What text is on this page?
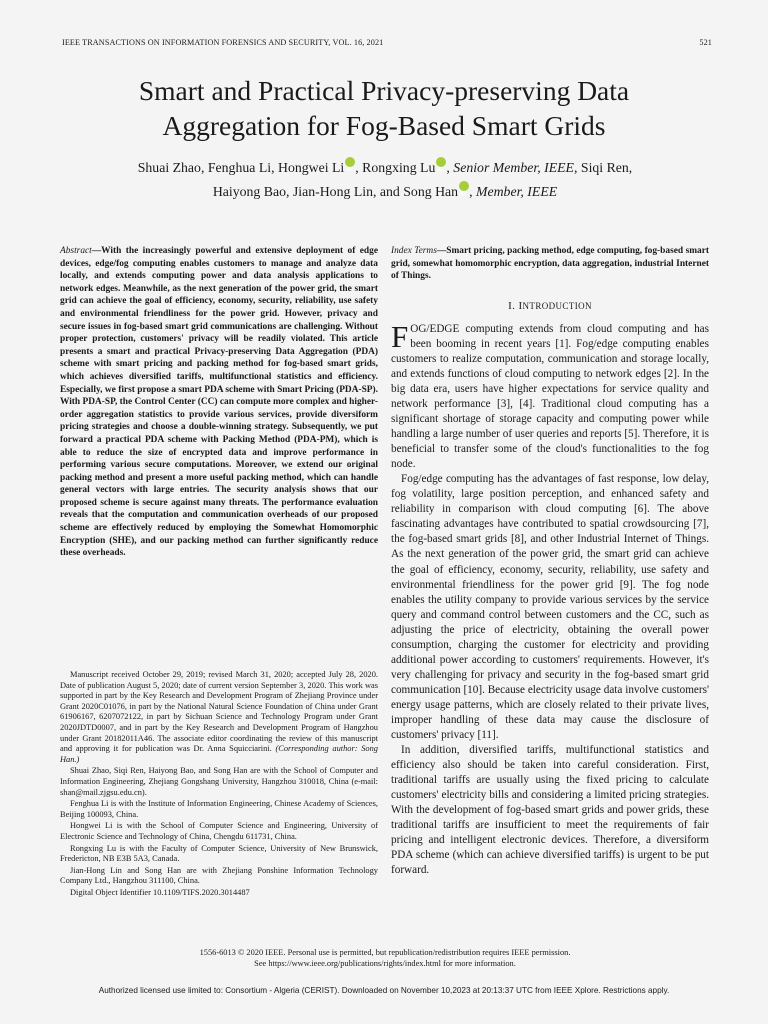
IEEE TRANSACTIONS ON INFORMATION FORENSICS AND SECURITY, VOL. 16, 2021	521
Smart and Practical Privacy-preserving Data
Aggregation for Fog-Based Smart Grids
Shuai Zhao, Fenghua Li, Hongwei Li iD , Rongxing Lu iD , Senior Member, IEEE, Siqi Ren,
Haiyong Bao, Jian-Hong Lin, and Song Han iD , Member, IEEE
Abstract—With the increasingly powerful and extensive deployment of edge devices, edge/fog computing enables customers to manage and analyze data locally, and extends computing power and data analysis applications to network edges. Meanwhile, as the next generation of the power grid, the smart grid can achieve the goal of efficiency, economy, security, reliability, use safety and environmental friendliness for the power grid. However, privacy and secure issues in fog-based smart grid communications are challenging. Without proper protection, customers' privacy will be readily violated. This article presents a smart and practical Privacy-preserving Data Aggregation (PDA) scheme with smart pricing and packing method for fog-based smart grids, which achieves diversified tariffs, multifunctional statistics and efficiency. Especially, we first propose a smart PDA scheme with Smart Pricing (PDA-SP). With PDA-SP, the Control Center (CC) can compute more complex and higher-order aggregation statistics to provide various services, provide diversiform pricing strategies and choose a double-winning strategy. Subsequently, we put forward a practical PDA scheme with Packing Method (PDA-PM), which is able to reduce the size of encrypted data and improve performance in performing various secure computations. Moreover, we extend our original packing method and present a more useful packing method, which can handle general vectors with large entries. The security analysis shows that our proposed scheme is secure against many threats. The performance evaluation reveals that the computation and communication overheads of our proposed scheme are effectively reduced by employing the Somewhat Homomorphic Encryption (SHE), and our packing method can further significantly reduce these overheads.

Manuscript received October 29, 2019; revised March 31, 2020; accepted July 28, 2020. Date of publication August 5, 2020; date of current version September 3, 2020. This work was supported in part by the Key Research and Development Program of Zhejiang Province under Grant 2020C01076, in part by the National Natural Science Foundation of China under Grant 61906167, 6207072122, in part by Sichuan Science and Technology Program under Grant 2020JDTD0007, and in part by the Key Research and Development Program of Hangzhou under Grant 20182011A46. The associate editor coordinating the review of this manuscript and approving it for publication was Dr. Anna Squicciarini. (Corresponding author: Song Han.)

Shuai Zhao, Siqi Ren, Haiyong Bao, and Song Han are with the School of Computer and Information Engineering, Zhejiang Gongshang University, Hangzhou 310018, China (e-mail: shan@mail.zjgsu.edu.cn).

Fenghua Li is with the Institute of Information Engineering, Chinese Academy of Sciences, Beijing 100093, China.

Hongwei Li is with the School of Computer Science and Engineering, University of Electronic Science and Technology of China, Chengdu 611731, China.

Rongxing Lu is with the Faculty of Computer Science, University of New Brunswick, Fredericton, NB E3B 5A3, Canada.

Jian-Hong Lin and Song Han are with Zhejiang Ponshine Information Technology Company Ltd., Hangzhou 311100, China.

Digital Object Identifier 10.1109/TIFS.2020.3014487

Index Terms—Smart pricing, packing method, edge computing, fog-based smart grid, somewhat homomorphic encryption, data aggregation, industrial Internet of Things.
I. INTRODUCTION

FOG/EDGE computing extends from cloud computing and has been booming in recent years [1]. Fog/edge computing enables customers to realize computation, communication and storage locally, and extends functions of cloud computing to network edges [2]. In the big data era, users have higher expectations for service quality and network performance [3], [4]. Traditional cloud computing has a significant shortage of storage capacity and computing power while handling a large number of user queries and reports [5]. Therefore, it is beneficial to transfer some of the cloud's functionalities to the fog node.

Fog/edge computing has the advantages of fast response, low delay, fog volatility, large position perception, and enhanced safety and reliability in comparison with cloud computing [6]. The above fascinating advantages have contributed to spatial crowdsourcing [7], the fog-based smart grids [8], and other Industrial Internet of Things. As the next generation of the power grid, the smart grid can achieve the goal of efficiency, economy, security, reliability, use safety and environmental friendliness for the power grid [9]. The fog node enables the utility company to provide various services by the service query and command control between customers and the CC, such as adjusting the price of electricity, obtaining the overall power consumption, charging the customer for electricity and providing additional power according to customers' requirements. However, it's very challenging for privacy and security in the fog-based smart grid communication [10]. Because electricity usage data involve customers' energy usage patterns, which are closely related to their private lives, improper handling of these data may cause the disclosure of customers' privacy [11].

In addition, diversified tariffs, multifunctional statistics and efficiency also should be taken into careful consideration. First, traditional tariffs are usually using the fixed pricing to calculate customers' electricity bills and considering a limited pricing strategies. With the development of fog-based smart grids and power grids, these traditional tariffs are insufficient to meet the requirements of fair pricing and intelligent electronic devices. Therefore, a diversiform PDA scheme (which can achieve diversified tariffs) is urgent to be put forward.

1556-6013 © 2020 IEEE. Personal use is permitted, but republication/redistribution requires IEEE permission.
See https://www.ieee.org/publications/rights/index.html for more information.
Authorized licensed use limited to: Consortium - Algeria (CERIST). Downloaded on November 10,2023 at 20:13:37 UTC from IEEE Xplore. Restrictions apply.
